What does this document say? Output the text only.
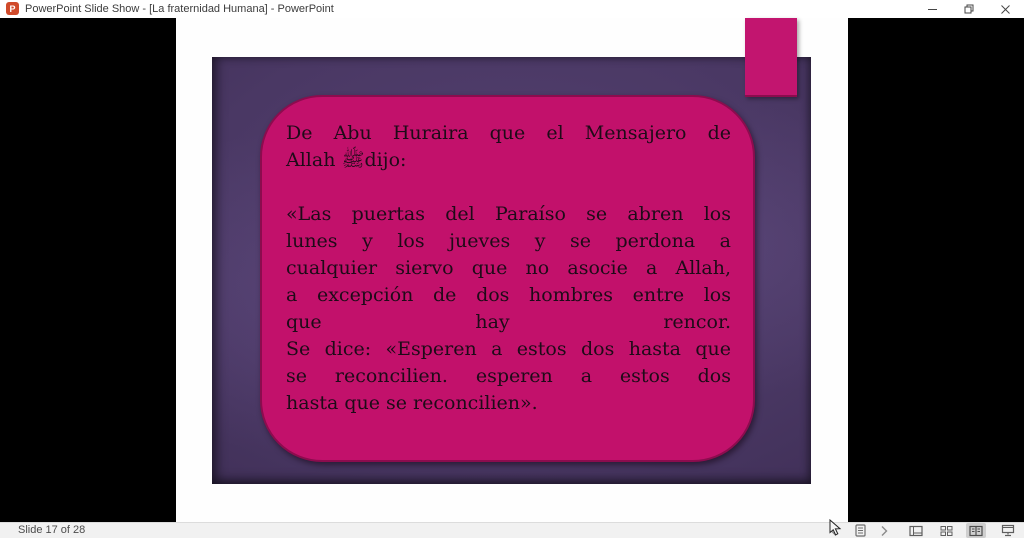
P PowerPoint Slide Show - [La fraternidad Humana] - PowerPoint
De Abu Huraira que el Mensajero de
Allah ﷺdijo:
«Las puertas del Paraíso se abren los
lunes y los jueves y se perdona a
cualquier siervo que no asocie a Allah,
a excepción de dos hombres entre los
que hay rencor.
Se dice: «Esperen a estos dos hasta que
se reconcilien. esperen a estos dos
hasta que se reconcilien».
Slide 17 of 28
